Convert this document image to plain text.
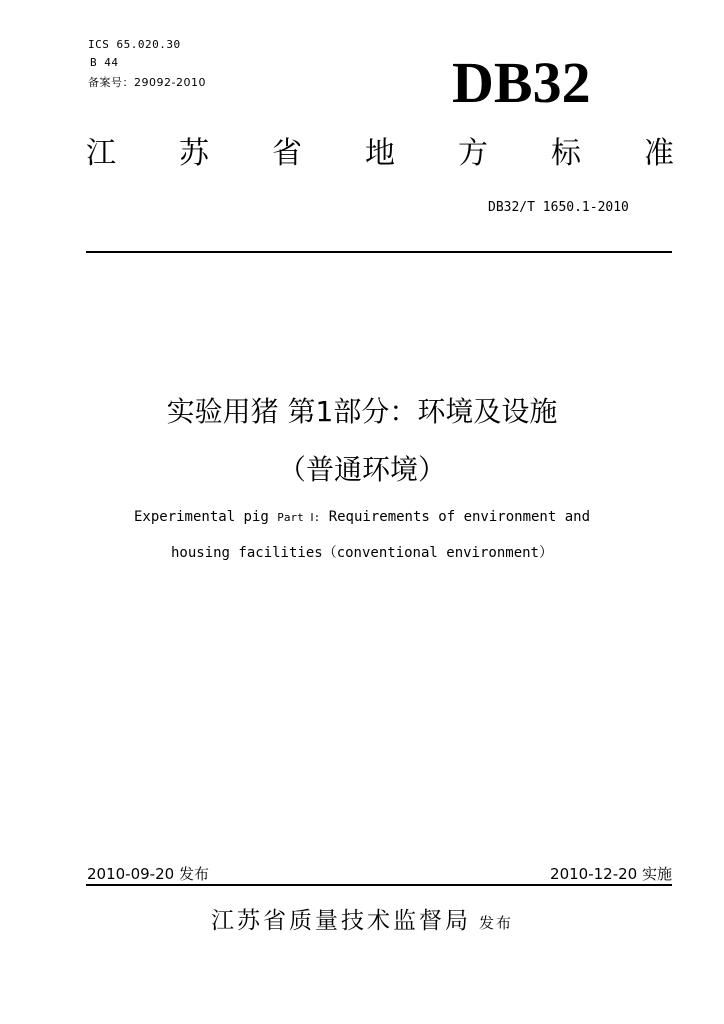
ICS 65.020.30
B 44
备案号：29092-2010	DB32
江 苏 省 地 方 标 准
DB32/T 1650.1-2010
实验用猪 第1部分：环境及设施
（普通环境）
Experimental pig Part Ⅰ: Requirements of environment and
housing facilities（conventional environment）
2010-09-20 发布	2010-12-20 实施
江苏省质量技术监督局 发布
